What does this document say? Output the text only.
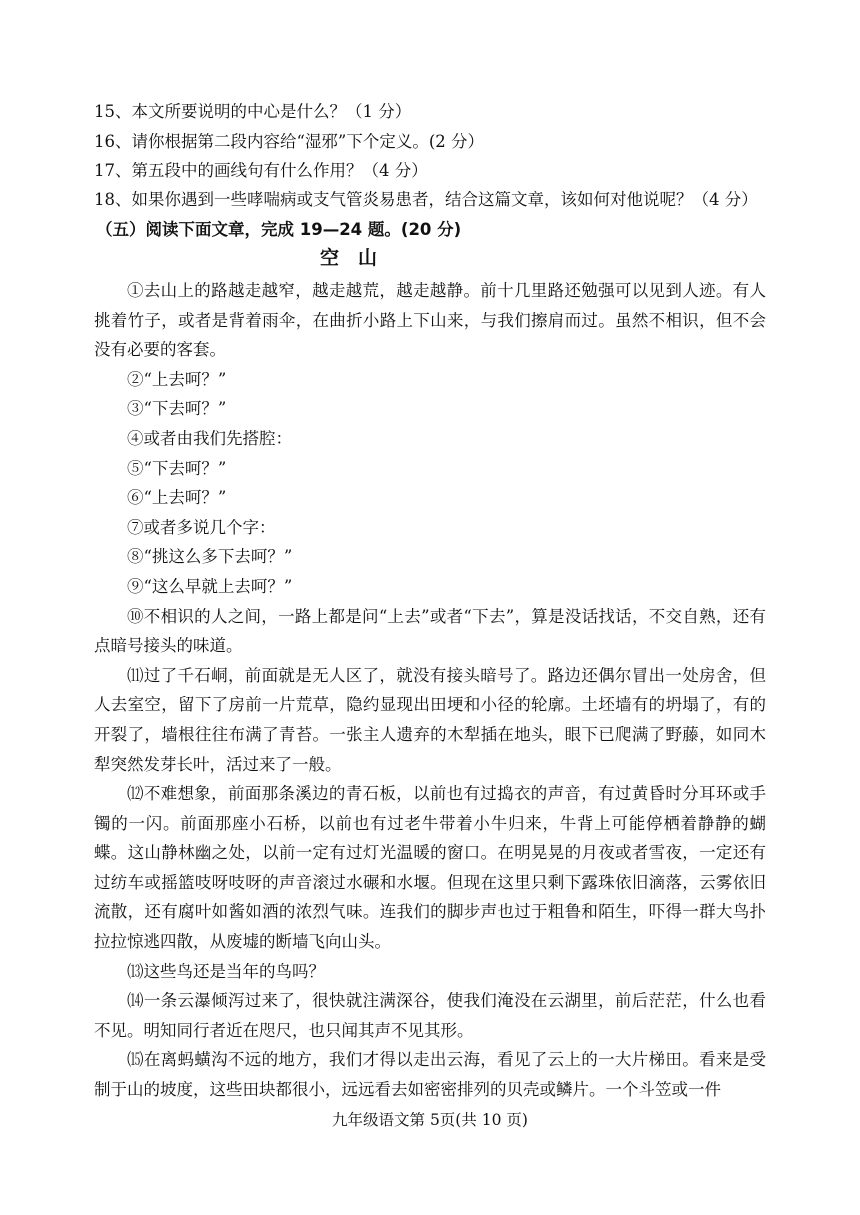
15、本文所要说明的中心是什么？（1 分）
16、请你根据第二段内容给“湿邪”下个定义。(2 分）
17、第五段中的画线句有什么作用？（4 分）
18、如果你遇到一些哮喘病或支气管炎易患者，结合这篇文章，该如何对他说呢？（4 分）
（五）阅读下面文章，完成 19—24 题。(20 分)
空　山

①去山上的路越走越窄，越走越荒，越走越静。前十几里路还勉强可以见到人迹。有人挑着竹子，或者是背着雨伞，在曲折小路上下山来，与我们擦肩而过。虽然不相识，但不会没有必要的客套。

②“上去呵？”

③“下去呵？”

④或者由我们先搭腔：

⑤“下去呵？”

⑥“上去呵？”

⑦或者多说几个字：

⑧“挑这么多下去呵？”

⑨“这么早就上去呵？”

⑩不相识的人之间，一路上都是问“上去”或者“下去”，算是没话找话，不交自熟，还有点暗号接头的味道。

⑾过了千石峒，前面就是无人区了，就没有接头暗号了。路边还偶尔冒出一处房舍，但人去室空，留下了房前一片荒草，隐约显现出田埂和小径的轮廓。土坯墙有的坍塌了，有的开裂了，墙根往往布满了青苔。一张主人遗弃的木犁插在地头，眼下已爬满了野藤，如同木犁突然发芽长叶，活过来了一般。

⑿不难想象，前面那条溪边的青石板，以前也有过捣衣的声音，有过黄昏时分耳环或手镯的一闪。前面那座小石桥，以前也有过老牛带着小牛归来，牛背上可能停栖着静静的蝴蝶。这山静林幽之处，以前一定有过灯光温暖的窗口。在明晃晃的月夜或者雪夜，一定还有过纺车或摇篮吱呀吱呀的声音滚过水碾和水堰。但现在这里只剩下露珠依旧滴落，云雾依旧流散，还有腐叶如酱如酒的浓烈气味。连我们的脚步声也过于粗鲁和陌生，吓得一群大鸟扑拉拉惊逃四散，从废墟的断墙飞向山头。

⒀这些鸟还是当年的鸟吗？

⒁一条云瀑倾泻过来了，很快就注满深谷，使我们淹没在云湖里，前后茫茫，什么也看不见。明知同行者近在咫尺，也只闻其声不见其形。

⒂在离蚂蟥沟不远的地方，我们才得以走出云海，看见了云上的一大片梯田。看来是受制于山的坡度，这些田块都很小，远远看去如密密排列的贝壳或鳞片。一个斗笠或一件

九年级语文第 5页(共 10 页)
